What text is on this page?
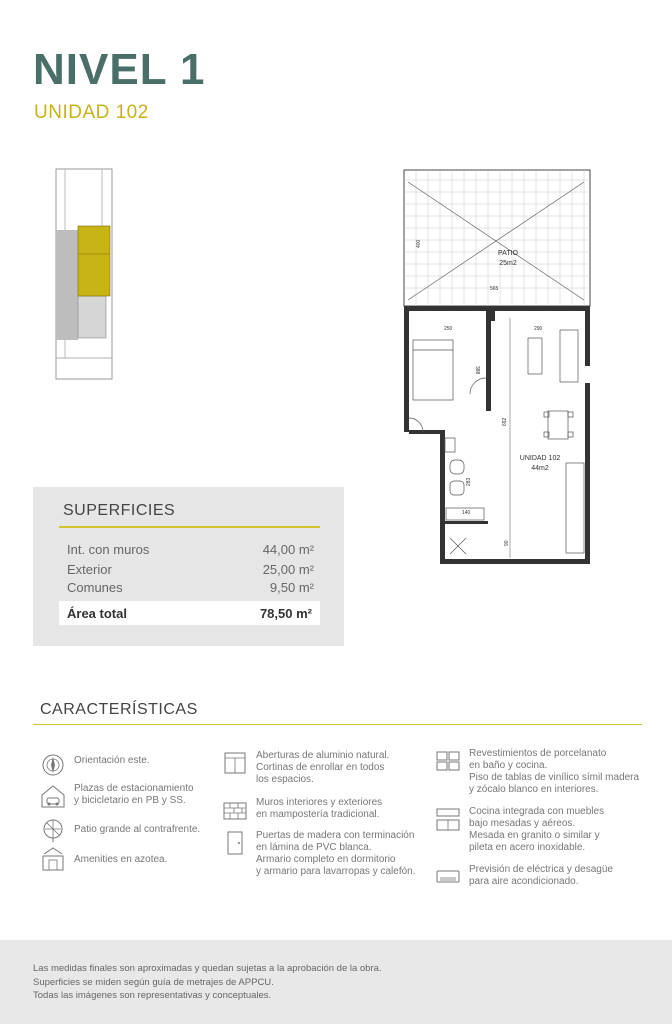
NIVEL 1
UNIDAD 102
PATIO
25m2
400
565
250	290
388
692
283
140
90
UNIDAD 102
44m2
SUPERFICIES
Int. con muros	44,00 m²
Exterior	25,00 m²
Comunes	9,50 m²
Área total	78,50 m²
CARACTERÍSTICAS
Orientación este.
Plazas de estacionamiento
y bicicletario en PB y SS.
Patio grande al contrafrente.
Amenities en azotea.
Aberturas de aluminio natural.
Cortinas de enrollar en todos
los espacios.
Muros interiores y exteriores
en mampostería tradicional.
Puertas de madera con terminación
en lámina de PVC blanca.
Armario completo en dormitorio
y armario para lavarropas y calefón.
Revestimientos de porcelanato
en baño y cocina.
Piso de tablas de vinílico símil madera
y zócalo blanco en interiores.
Cocina integrada con muebles
bajo mesadas y aéreos.
Mesada en granito o similar y
pileta en acero inoxidable.
Previsión de eléctrica y desagüe
para aire acondicionado.
Las medidas finales son aproximadas y quedan sujetas a la aprobación de la obra.
Superficies se miden según guía de metrajes de APPCU.
Todas las imágenes son representativas y conceptuales.
